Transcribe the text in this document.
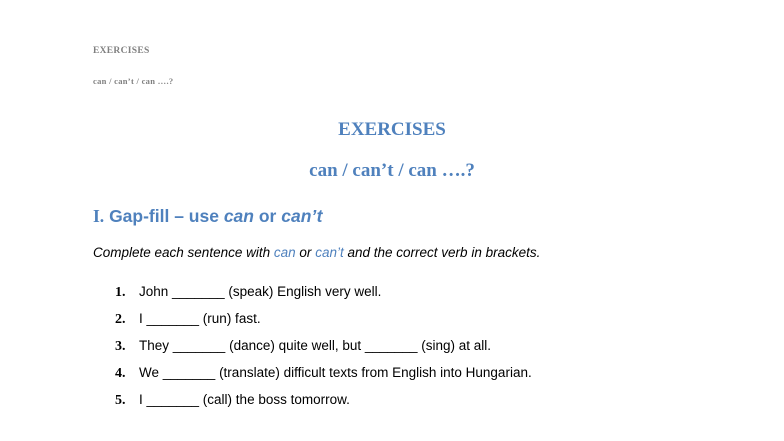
EXERCISES
can / can’t / can ….?
EXERCISES
can / can’t / can ….?
I. Gap-fill – use can or can’t
Complete each sentence with can or can’t and the correct verb in brackets.
1. John _______ (speak) English very well.
2. I _______ (run) fast.
3. They _______ (dance) quite well, but _______ (sing) at all.
4. We _______ (translate) difficult texts from English into Hungarian.
5. I _______ (call) the boss tomorrow.
